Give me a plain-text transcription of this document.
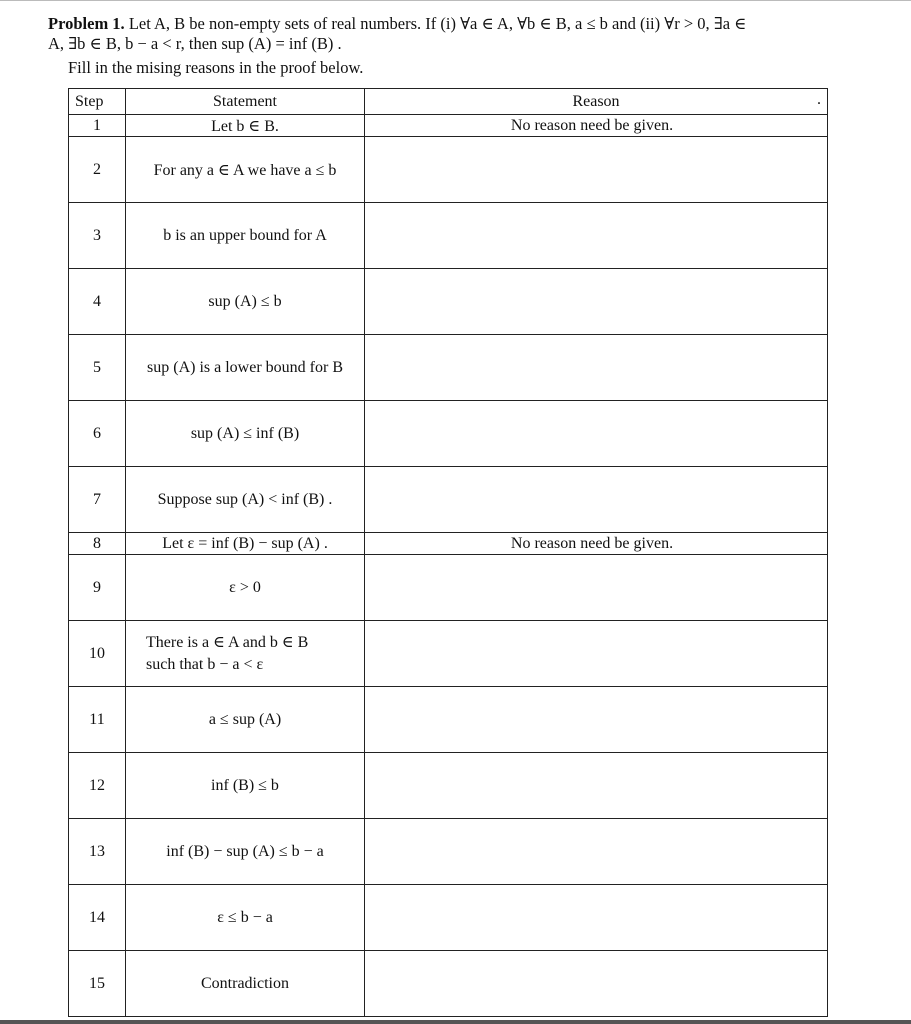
Problem 1. Let A, B be non-empty sets of real numbers. If (i) ∀a ∈ A, ∀b ∈ B, a ≤ b and (ii) ∀r > 0, ∃a ∈
A, ∃b ∈ B, b − a < r, then sup (A) = inf (B) .
Fill in the mising reasons in the proof below.
Step	Statement	Reason .

1	Let b ∈ B.	No reason need be given.
2	For any a ∈ A we have a ≤ b	
3	b is an upper bound for A	
4	sup (A) ≤ b	
5	sup (A) is a lower bound for B	
6	sup (A) ≤ inf (B)	
7	Suppose sup (A) < inf (B) .	
8	Let ε = inf (B) − sup (A) .	No reason need be given.
9	ε > 0	
10	There is a ∈ A and b ∈ B
such that b − a < ε	
11	a ≤ sup (A)	
12	inf (B) ≤ b	
13	inf (B) − sup (A) ≤ b − a	
14	ε ≤ b − a	
15	Contradiction	
